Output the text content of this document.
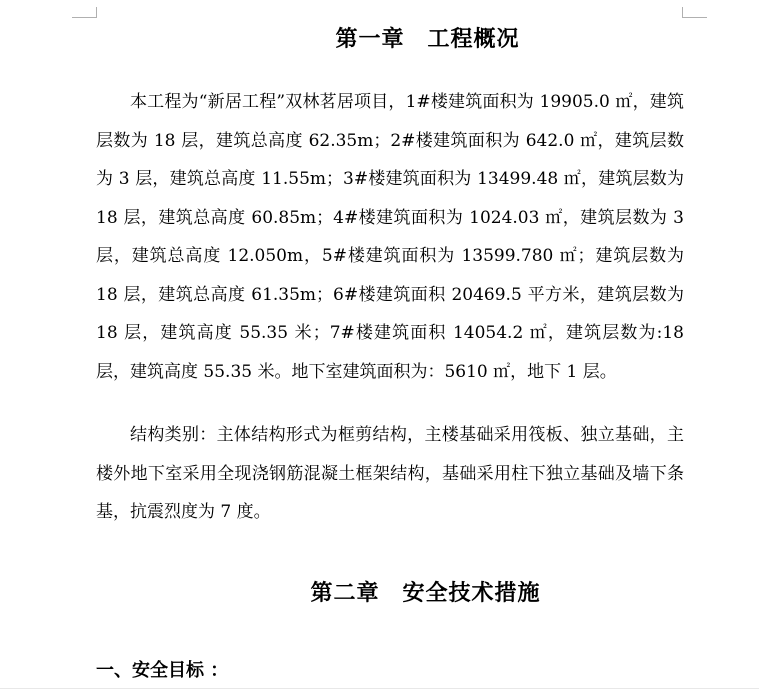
第一章　工程概况

本工程为“新居工程”双林茗居项目，1#楼建筑面积为 19905.0 ㎡，建筑层数为 18 层，建筑总高度 62.35m；2#楼建筑面积为 642.0 ㎡，建筑层数为 3 层，建筑总高度 11.55m；3#楼建筑面积为 13499.48 ㎡，建筑层数为 18 层，建筑总高度 60.85m；4#楼建筑面积为 1024.03 ㎡，建筑层数为 3 层，建筑总高度 12.050m，5#楼建筑面积为 13599.780 ㎡；建筑层数为 18 层，建筑总高度 61.35m；6#楼建筑面积 20469.5 平方米，建筑层数为 18 层，建筑高度 55.35 米；7#楼建筑面积 14054.2 ㎡，建筑层数为:18 层，建筑高度 55.35 米。地下室建筑面积为：5610 ㎡，地下 1 层。

结构类别：主体结构形式为框剪结构，主楼基础采用筏板、独立基础，主楼外地下室采用全现浇钢筋混凝土框架结构，基础采用柱下独立基础及墙下条基，抗震烈度为 7 度。

第二章　安全技术措施
一、安全目标 ：
